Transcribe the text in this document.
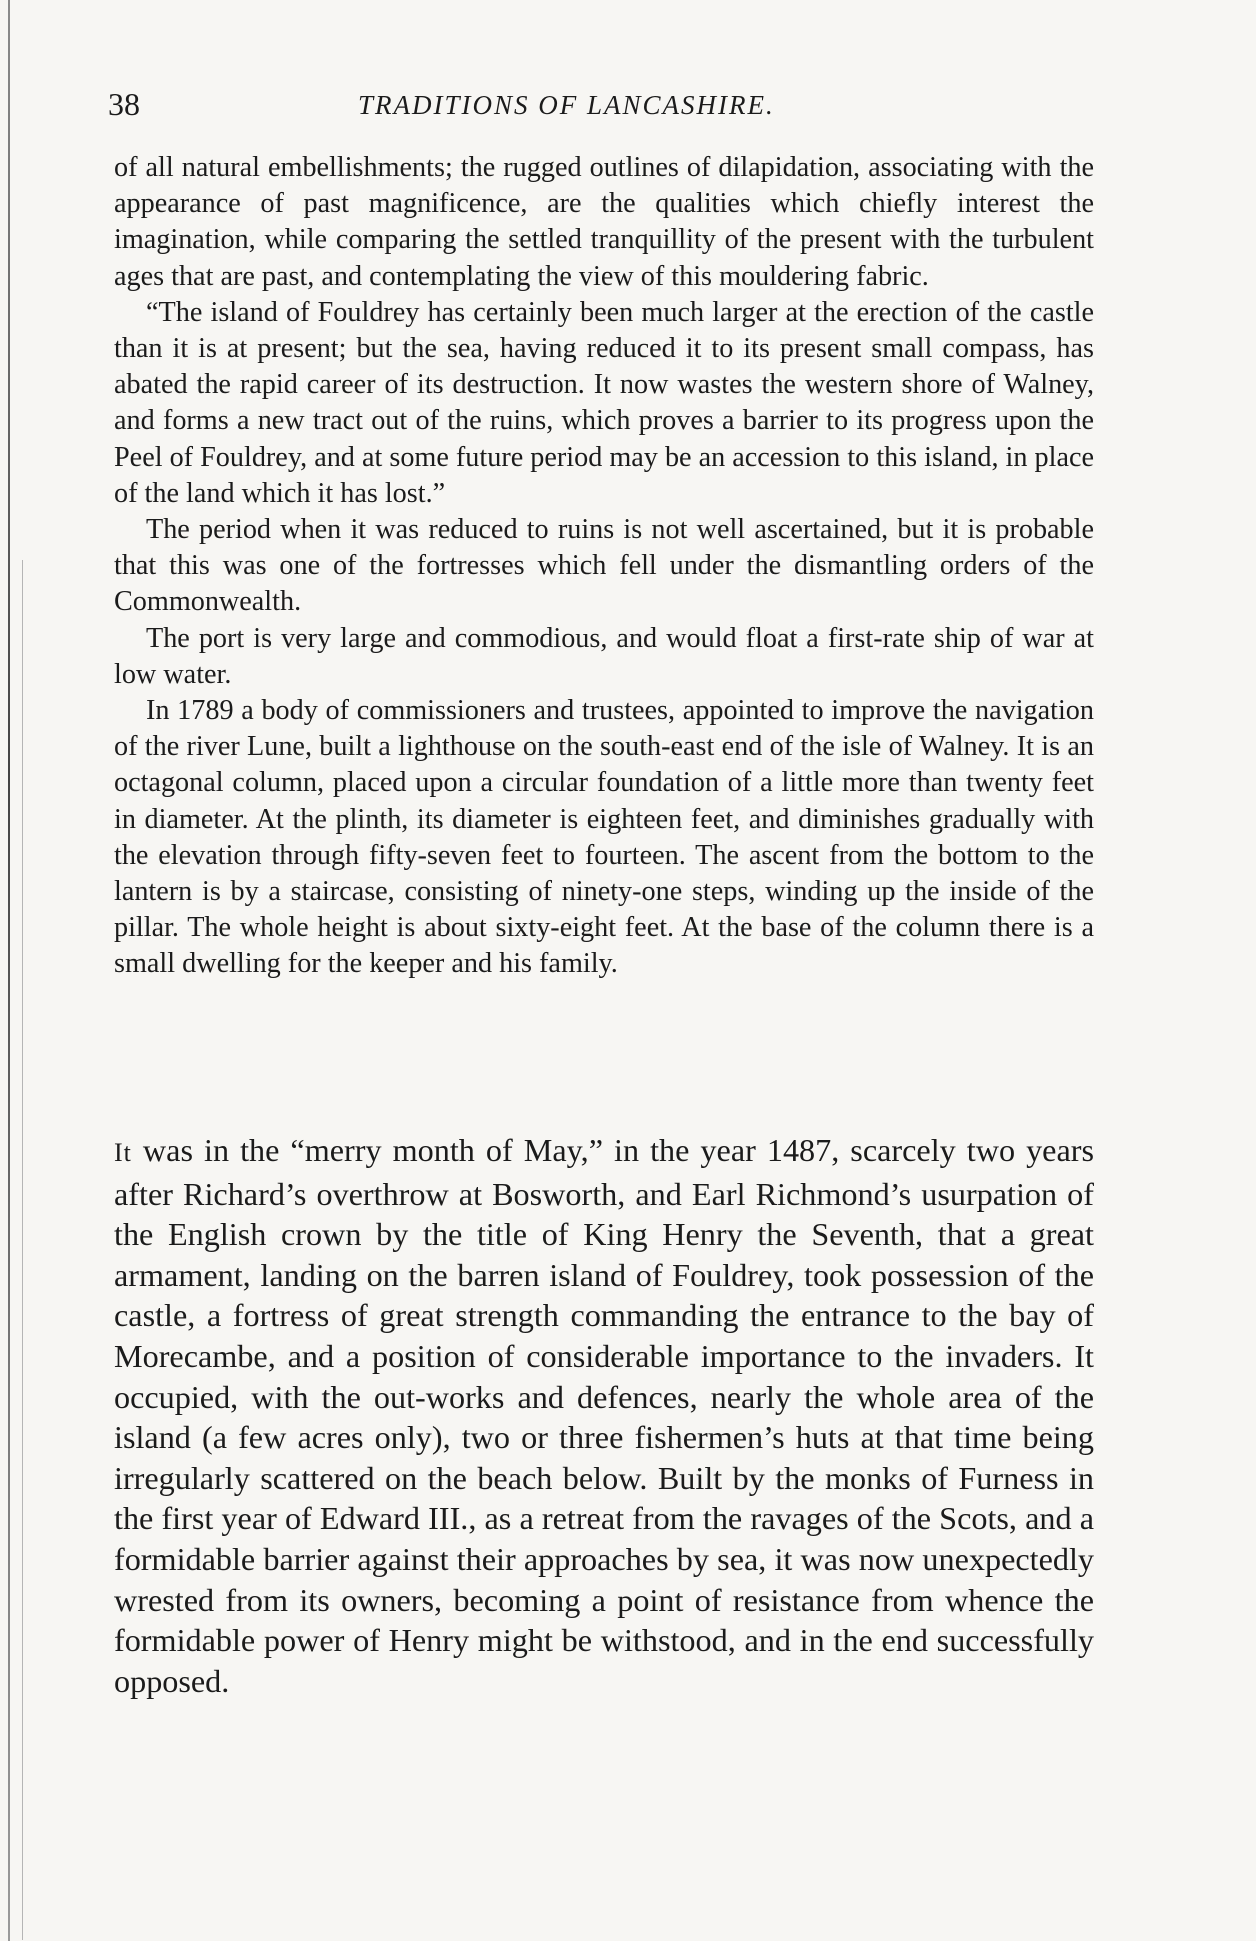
38	TRADITIONS OF LANCASHIRE.

of all natural embellishments; the rugged outlines of dilapidation, associating with the appearance of past magnificence, are the qualities which chiefly interest the imagination, while comparing the settled tranquillity of the present with the turbulent ages that are past, and contemplating the view of this mouldering fabric.

“The island of Fouldrey has certainly been much larger at the erection of the castle than it is at present; but the sea, having reduced it to its present small compass, has abated the rapid career of its destruction. It now wastes the western shore of Walney, and forms a new tract out of the ruins, which proves a barrier to its progress upon the Peel of Fouldrey, and at some future period may be an accession to this island, in place of the land which it has lost.”

The period when it was reduced to ruins is not well ascertained, but it is probable that this was one of the fortresses which fell under the dismantling orders of the Commonwealth.

The port is very large and commodious, and would float a first-rate ship of war at low water.

In 1789 a body of commissioners and trustees, appointed to improve the navigation of the river Lune, built a lighthouse on the south-east end of the isle of Walney. It is an octagonal column, placed upon a circular foundation of a little more than twenty feet in diameter. At the plinth, its diameter is eighteen feet, and diminishes gradually with the elevation through fifty-seven feet to fourteen. The ascent from the bottom to the lantern is by a staircase, consisting of ninety-one steps, winding up the inside of the pillar. The whole height is about sixty-eight feet. At the base of the column there is a small dwelling for the keeper and his family.

It was in the “merry month of May,” in the year 1487, scarcely two years after Richard’s overthrow at Bosworth, and Earl Richmond’s usurpation of the English crown by the title of King Henry the Seventh, that a great armament, landing on the barren island of Fouldrey, took possession of the castle, a fortress of great strength commanding the entrance to the bay of Morecambe, and a position of considerable importance to the invaders. It occupied, with the out-works and defences, nearly the whole area of the island (a few acres only), two or three fishermen’s huts at that time being irregularly scattered on the beach below. Built by the monks of Furness in the first year of Edward III., as a retreat from the ravages of the Scots, and a formidable barrier against their approaches by sea, it was now unexpectedly wrested from its owners, becoming a point of resistance from whence the formidable power of Henry might be withstood, and in the end successfully opposed.
